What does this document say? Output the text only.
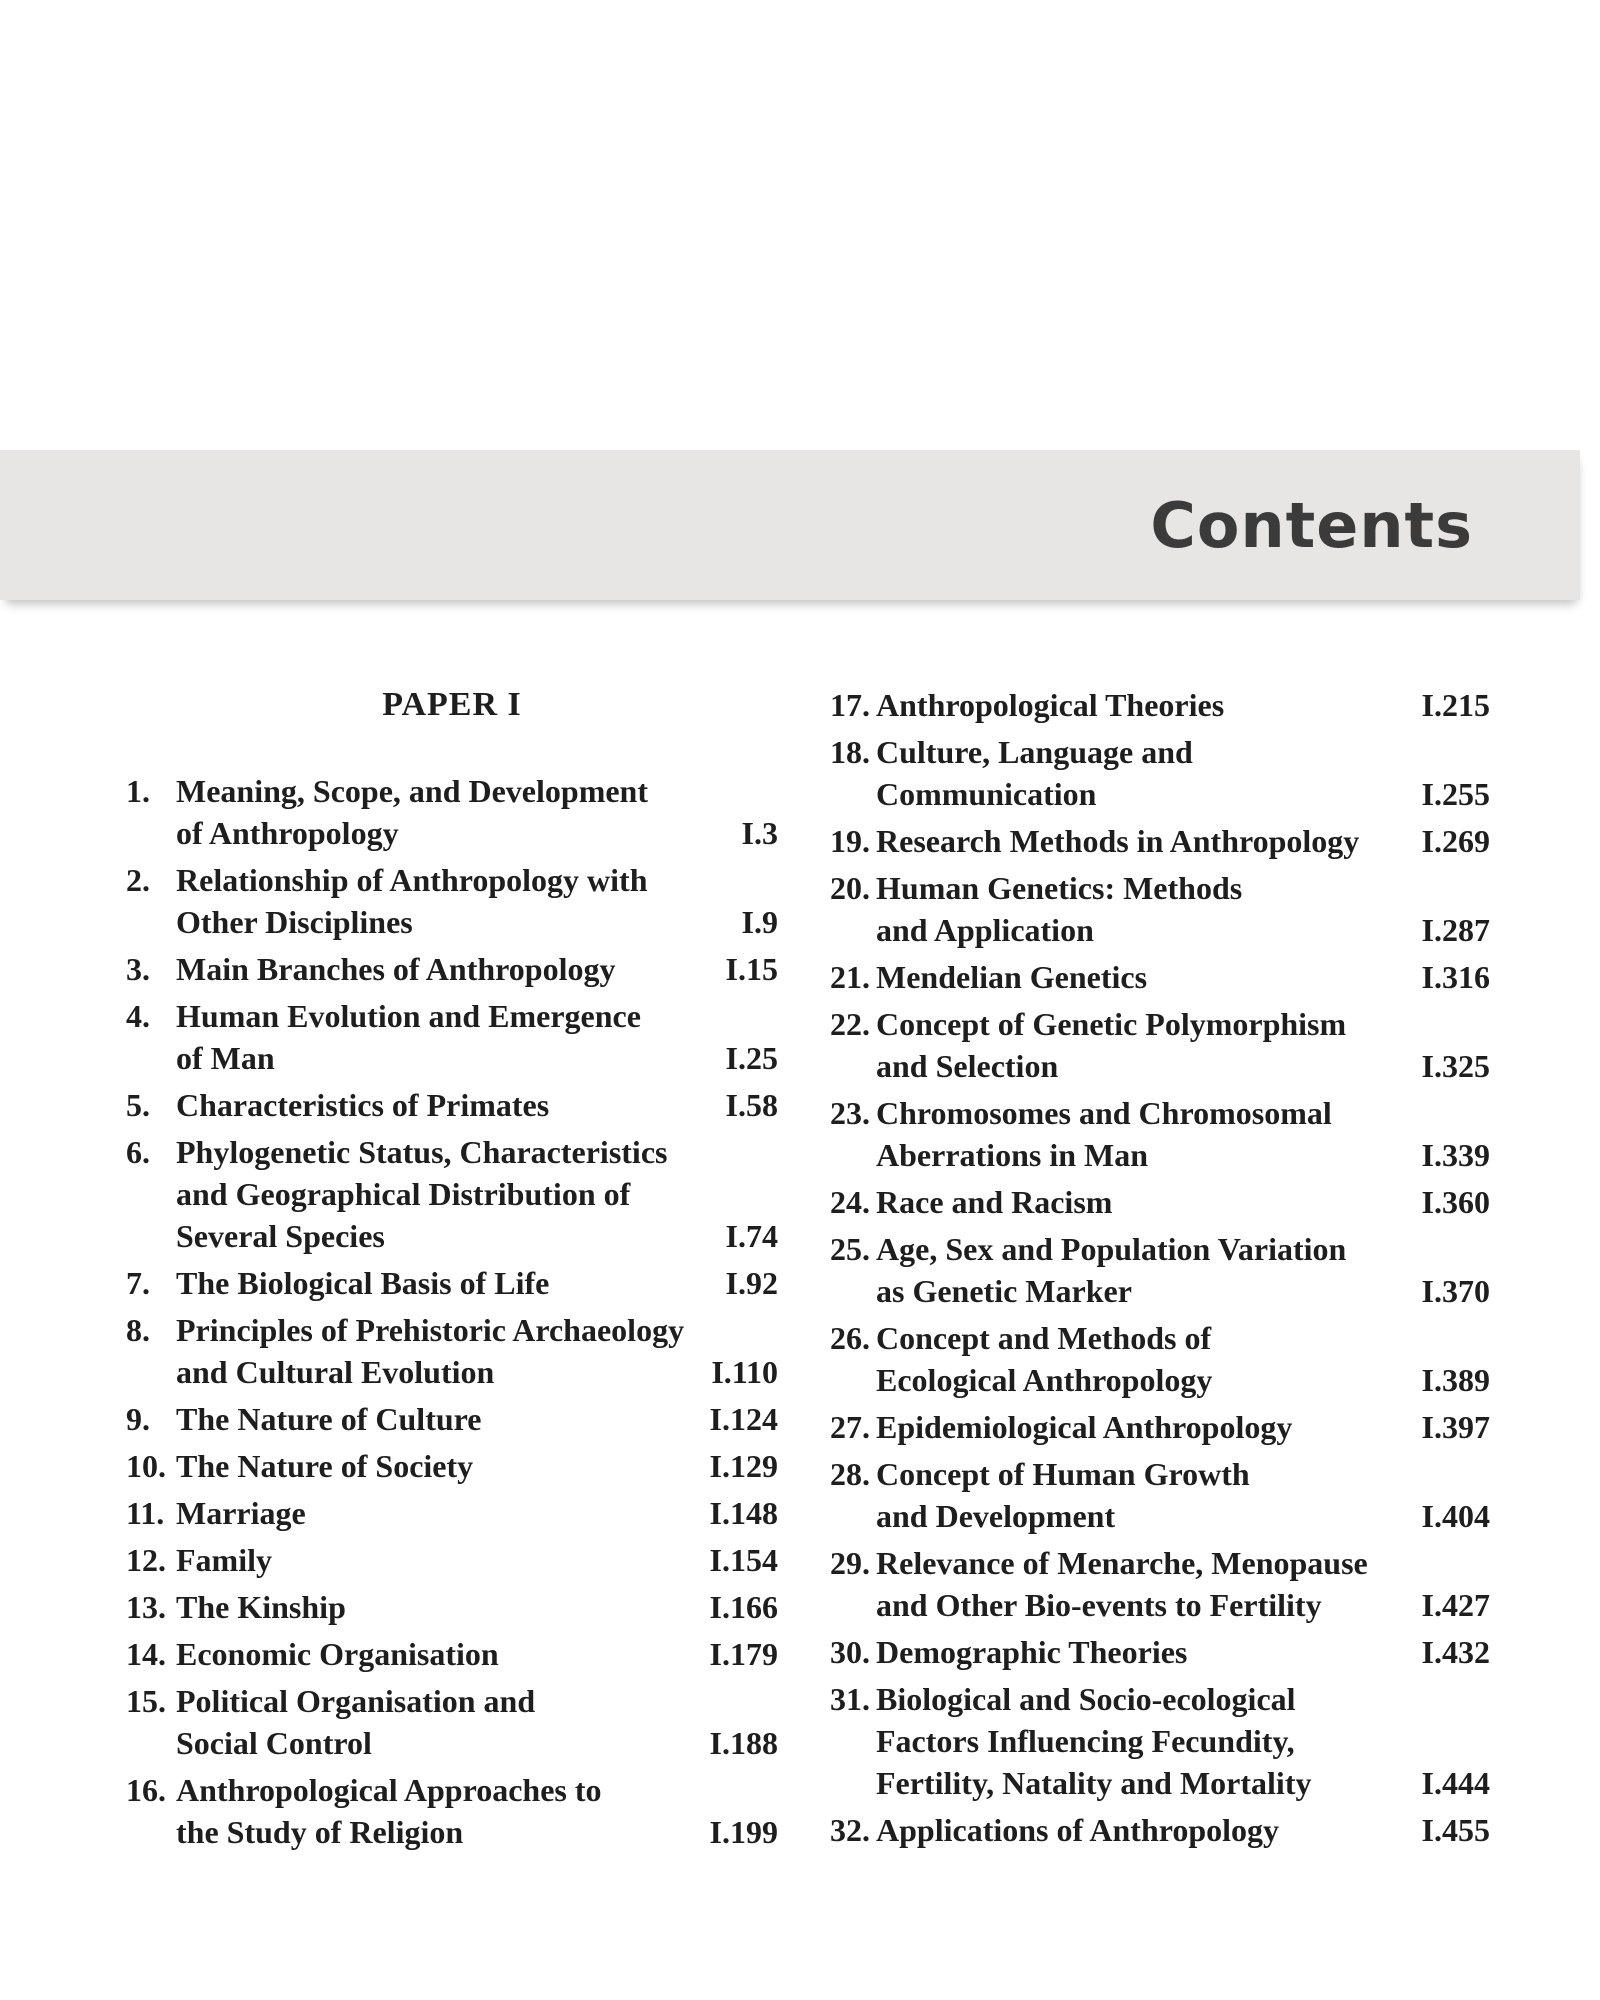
Contents
PAPER I
1. Meaning, Scope, and Development
of Anthropology	I.3
2. Relationship of Anthropology with
Other Disciplines	I.9
3. Main Branches of Anthropology	I.15
4. Human Evolution and Emergence
of Man	I.25
5. Characteristics of Primates	I.58
6. Phylogenetic Status, Characteristics
and Geographical Distribution of
Several Species	I.74
7. The Biological Basis of Life	I.92
8. Principles of Prehistoric Archaeology
and Cultural Evolution	I.110
9. The Nature of Culture	I.124
10. The Nature of Society	I.129
11. Marriage	I.148
12. Family	I.154
13. The Kinship	I.166
14. Economic Organisation	I.179
15. Political Organisation and
Social Control	I.188
16. Anthropological Approaches to
the Study of Religion	I.199
17. Anthropological Theories	I.215
18. Culture, Language and
Communication	I.255
19. Research Methods in Anthropology	I.269
20. Human Genetics: Methods
and Application	I.287
21. Mendelian Genetics	I.316
22. Concept of Genetic Polymorphism
and Selection	I.325
23. Chromosomes and Chromosomal
Aberrations in Man	I.339
24. Race and Racism	I.360
25. Age, Sex and Population Variation
as Genetic Marker	I.370
26. Concept and Methods of
Ecological Anthropology	I.389
27. Epidemiological Anthropology	I.397
28. Concept of Human Growth
and Development	I.404
29. Relevance of Menarche, Menopause
and Other Bio-events to Fertility	I.427
30. Demographic Theories	I.432
31. Biological and Socio-ecological
Factors Influencing Fecundity,
Fertility, Natality and Mortality	I.444
32. Applications of Anthropology	I.455
